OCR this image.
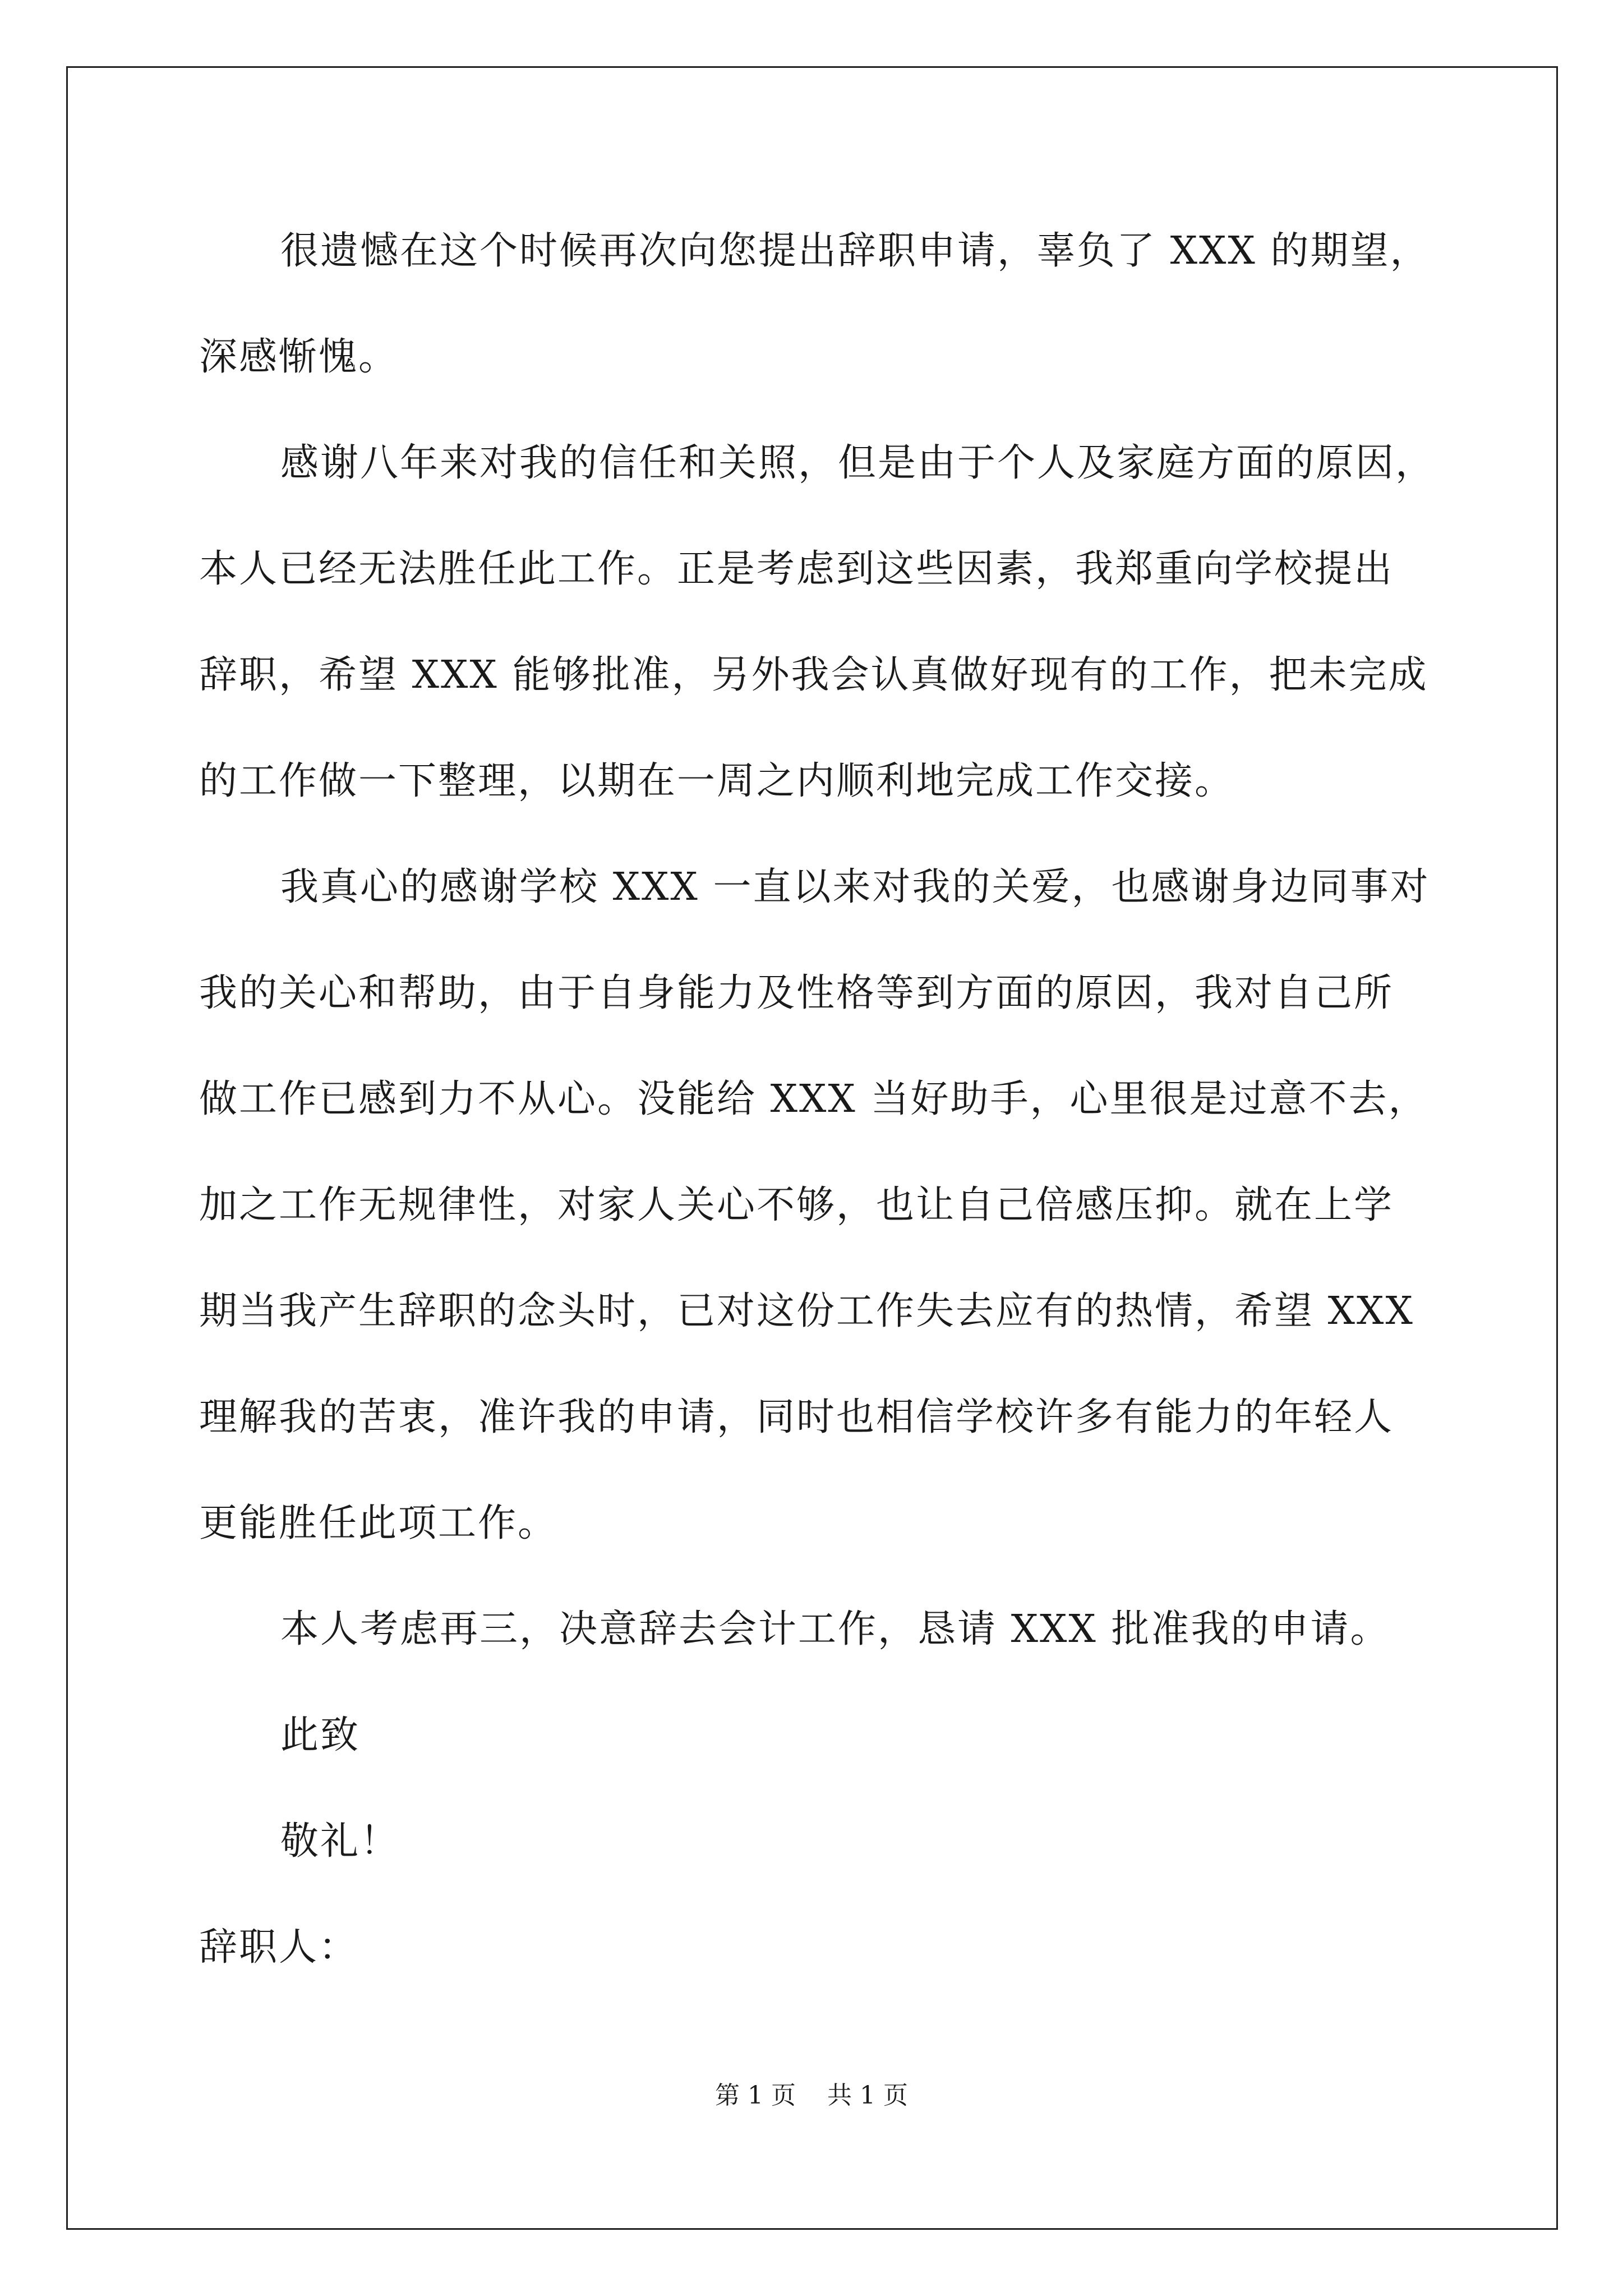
很遗憾在这个时候再次向您提出辞职申请，辜负了 XXX 的期望，
深感惭愧。
感谢八年来对我的信任和关照，但是由于个人及家庭方面的原因，
本人已经无法胜任此工作。正是考虑到这些因素，我郑重向学校提出
辞职，希望 XXX 能够批准，另外我会认真做好现有的工作，把未完成
的工作做一下整理，以期在一周之内顺利地完成工作交接。
我真心的感谢学校 XXX 一直以来对我的关爱，也感谢身边同事对
我的关心和帮助，由于自身能力及性格等到方面的原因，我对自己所
做工作已感到力不从心。没能给 XXX 当好助手，心里很是过意不去，
加之工作无规律性，对家人关心不够，也让自己倍感压抑。就在上学
期当我产生辞职的念头时，已对这份工作失去应有的热情，希望 XXX
理解我的苦衷，准许我的申请，同时也相信学校许多有能力的年轻人
更能胜任此项工作。
本人考虑再三，决意辞去会计工作，恳请 XXX 批准我的申请。
此致
敬礼！
辞职人：
第 1 页 共 1 页
